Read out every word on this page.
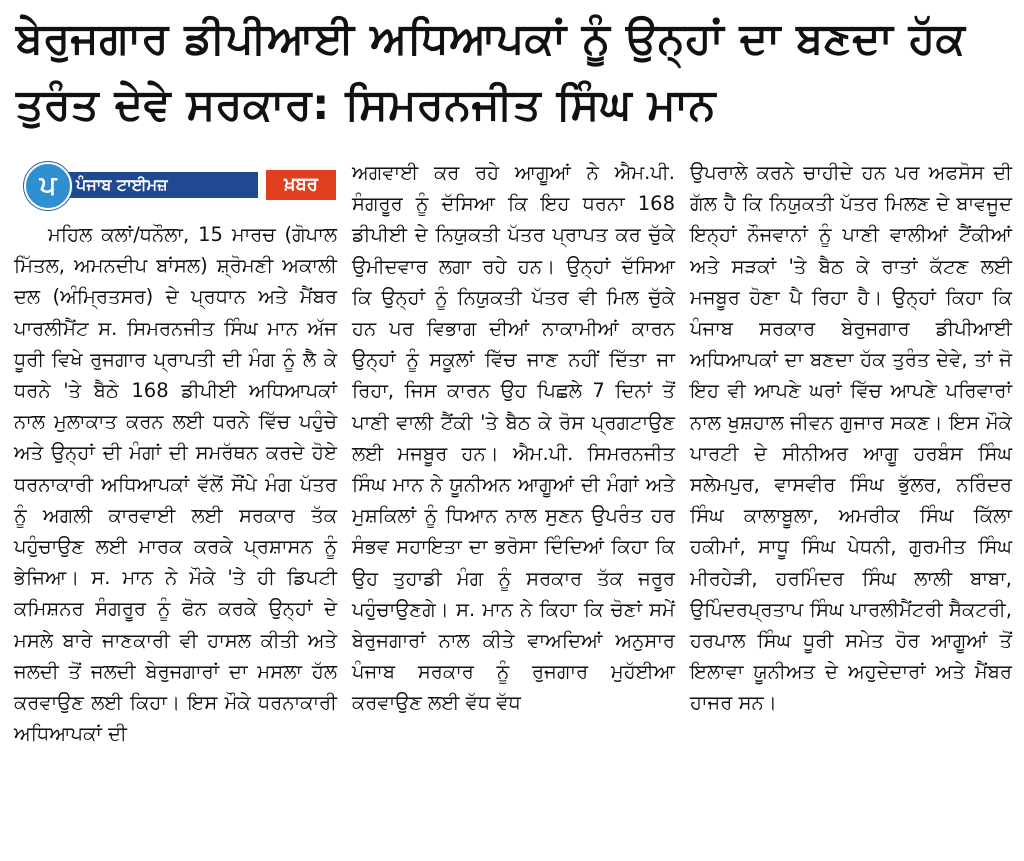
ਬੇਰੁਜਗਾਰ ਡੀਪੀਆਈ ਅਧਿਆਪਕਾਂ ਨੂੰ ਉਨ੍ਹਾਂ ਦਾ ਬਣਦਾ ਹੱਕ
ਤੁਰੰਤ ਦੇਵੇ ਸਰਕਾਰ: ਸਿਮਰਨਜੀਤ ਸਿੰਘ ਮਾਨ
ਪ	ਪੰਜਾਬ ਟਾਈਮਜ਼	ਖ਼ਬਰ

ਮਹਿਲ ਕਲਾਂ/ਧਨੌਲਾ, 15 ਮਾਰਚ (ਗੋਪਾਲ ਮਿੱਤਲ, ਅਮਨਦੀਪ ਬਾਂਸਲ) ਸ਼੍ਰੋਮਣੀ ਅਕਾਲੀ ਦਲ (ਅੰਮ੍ਰਿਤਸਰ) ਦੇ ਪ੍ਰਧਾਨ ਅਤੇ ਮੈਂਬਰ ਪਾਰਲੀਮੈਂਟ ਸ. ਸਿਮਰਨਜੀਤ ਸਿੰਘ ਮਾਨ ਅੱਜ ਧੂਰੀ ਵਿਖੇ ਰੁਜਗਾਰ ਪ੍ਰਾਪਤੀ ਦੀ ਮੰਗ ਨੂੰ ਲੈ ਕੇ ਧਰਨੇ 'ਤੇ ਬੈਠੇ 168 ਡੀਪੀਈ ਅਧਿਆਪਕਾਂ ਨਾਲ ਮੁਲਾਕਾਤ ਕਰਨ ਲਈ ਧਰਨੇ ਵਿੱਚ ਪਹੁੰਚੇ ਅਤੇ ਉਨ੍ਹਾਂ ਦੀ ਮੰਗਾਂ ਦੀ ਸਮਰੱਥਨ ਕਰਦੇ ਹੋਏ ਧਰਨਾਕਾਰੀ ਅਧਿਆਪਕਾਂ ਵੱਲੋਂ ਸੌਂਪੇ ਮੰਗ ਪੱਤਰ ਨੂੰ ਅਗਲੀ ਕਾਰਵਾਈ ਲਈ ਸਰਕਾਰ ਤੱਕ ਪਹੁੰਚਾਉਣ ਲਈ ਮਾਰਕ ਕਰਕੇ ਪ੍ਰਸ਼ਾਸਨ ਨੂੰ ਭੇਜਿਆ। ਸ. ਮਾਨ ਨੇ ਮੌਕੇ 'ਤੇ ਹੀ ਡਿਪਟੀ ਕਮਿਸ਼ਨਰ ਸੰਗਰੂਰ ਨੂੰ ਫੋਨ ਕਰਕੇ ਉਨ੍ਹਾਂ ਦੇ ਮਸਲੇ ਬਾਰੇ ਜਾਣਕਾਰੀ ਵੀ ਹਾਸਲ ਕੀਤੀ ਅਤੇ ਜਲਦੀ ਤੋਂ ਜਲਦੀ ਬੇਰੁਜਗਾਰਾਂ ਦਾ ਮਸਲਾ ਹੱਲ ਕਰਵਾਉਣ ਲਈ ਕਿਹਾ। ਇਸ ਮੌਕੇ ਧਰਨਾਕਾਰੀ ਅਧਿਆਪਕਾਂ ਦੀ

ਅਗਵਾਈ ਕਰ ਰਹੇ ਆਗੂਆਂ ਨੇ ਐਮ.ਪੀ. ਸੰਗਰੂਰ ਨੂੰ ਦੱਸਿਆ ਕਿ ਇਹ ਧਰਨਾ 168 ਡੀਪੀਈ ਦੇ ਨਿਯੁਕਤੀ ਪੱਤਰ ਪ੍ਰਾਪਤ ਕਰ ਚੁੱਕੇ ਉਮੀਦਵਾਰ ਲਗਾ ਰਹੇ ਹਨ। ਉਨ੍ਹਾਂ ਦੱਸਿਆ ਕਿ ਉਨ੍ਹਾਂ ਨੂੰ ਨਿਯੁਕਤੀ ਪੱਤਰ ਵੀ ਮਿਲ ਚੁੱਕੇ ਹਨ ਪਰ ਵਿਭਾਗ ਦੀਆਂ ਨਾਕਾਮੀਆਂ ਕਾਰਨ ਉਨ੍ਹਾਂ ਨੂੰ ਸਕੂਲਾਂ ਵਿੱਚ ਜਾਣ ਨਹੀਂ ਦਿੱਤਾ ਜਾ ਰਿਹਾ, ਜਿਸ ਕਾਰਨ ਉਹ ਪਿਛਲੇ 7 ਦਿਨਾਂ ਤੋਂ ਪਾਣੀ ਵਾਲੀ ਟੈਂਕੀ 'ਤੇ ਬੈਠ ਕੇ ਰੋਸ ਪ੍ਰਗਟਾਉਣ ਲਈ ਮਜਬੂਰ ਹਨ। ਐਮ.ਪੀ. ਸਿਮਰਨਜੀਤ ਸਿੰਘ ਮਾਨ ਨੇ ਯੂਨੀਅਨ ਆਗੂਆਂ ਦੀ ਮੰਗਾਂ ਅਤੇ ਮੁਸ਼ਕਿਲਾਂ ਨੂੰ ਧਿਆਨ ਨਾਲ ਸੁਣਨ ਉਪਰੰਤ ਹਰ ਸੰਭਵ ਸਹਾਇਤਾ ਦਾ ਭਰੋਸਾ ਦਿੰਦਿਆਂ ਕਿਹਾ ਕਿ ਉਹ ਤੁਹਾਡੀ ਮੰਗ ਨੂੰ ਸਰਕਾਰ ਤੱਕ ਜਰੂਰ ਪਹੁੰਚਾਉਣਗੇ। ਸ. ਮਾਨ ਨੇ ਕਿਹਾ ਕਿ ਚੋਣਾਂ ਸਮੇਂ ਬੇਰੁਜਗਾਰਾਂ ਨਾਲ ਕੀਤੇ ਵਾਅਦਿਆਂ ਅਨੁਸਾਰ ਪੰਜਾਬ ਸਰਕਾਰ ਨੂੰ ਰੁਜਗਾਰ ਮੁਹੱਈਆ ਕਰਵਾਉਣ ਲਈ ਵੱਧ ਵੱਧ

ਉਪਰਾਲੇ ਕਰਨੇ ਚਾਹੀਦੇ ਹਨ ਪਰ ਅਫਸੋਸ ਦੀ ਗੱਲ ਹੈ ਕਿ ਨਿਯੁਕਤੀ ਪੱਤਰ ਮਿਲਣ ਦੇ ਬਾਵਜੂਦ ਇਨ੍ਹਾਂ ਨੌਜਵਾਨਾਂ ਨੂੰ ਪਾਣੀ ਵਾਲੀਆਂ ਟੈਂਕੀਆਂ ਅਤੇ ਸੜਕਾਂ 'ਤੇ ਬੈਠ ਕੇ ਰਾਤਾਂ ਕੱਟਣ ਲਈ ਮਜਬੂਰ ਹੋਣਾ ਪੈ ਰਿਹਾ ਹੈ। ਉਨ੍ਹਾਂ ਕਿਹਾ ਕਿ ਪੰਜਾਬ ਸਰਕਾਰ ਬੇਰੁਜਗਾਰ ਡੀਪੀਆਈ ਅਧਿਆਪਕਾਂ ਦਾ ਬਣਦਾ ਹੱਕ ਤੁਰੰਤ ਦੇਵੇ, ਤਾਂ ਜੋ ਇਹ ਵੀ ਆਪਣੇ ਘਰਾਂ ਵਿੱਚ ਆਪਣੇ ਪਰਿਵਾਰਾਂ ਨਾਲ ਖੁਸ਼ਹਾਲ ਜੀਵਨ ਗੁਜਾਰ ਸਕਣ। ਇਸ ਮੌਕੇ ਪਾਰਟੀ ਦੇ ਸੀਨੀਅਰ ਆਗੂ ਹਰਬੰਸ ਸਿੰਘ ਸਲੇਮਪੁਰ, ਵਾਸਵੀਰ ਸਿੰਘ ਭੁੱਲਰ, ਨਰਿੰਦਰ ਸਿੰਘ ਕਾਲਾਬੂਲਾ, ਅਮਰੀਕ ਸਿੰਘ ਕਿੱਲਾ ਹਕੀਮਾਂ, ਸਾਧੂ ਸਿੰਘ ਪੇਧਨੀ, ਗੁਰਮੀਤ ਸਿੰਘ ਮੀਰਹੇੜੀ, ਹਰਮਿੰਦਰ ਸਿੰਘ ਲਾਲੀ ਬਾਬਾ, ਉਪਿੰਦਰਪ੍ਰਤਾਪ ਸਿੰਘ ਪਾਰਲੀਮੈਂਟਰੀ ਸੈਕਟਰੀ, ਹਰਪਾਲ ਸਿੰਘ ਧੂਰੀ ਸਮੇਤ ਹੋਰ ਆਗੂਆਂ ਤੋਂ ਇਲਾਵਾ ਯੂਨੀਅਤ ਦੇ ਅਹੁਦੇਦਾਰਾਂ ਅਤੇ ਮੈਂਬਰ ਹਾਜਰ ਸਨ।
